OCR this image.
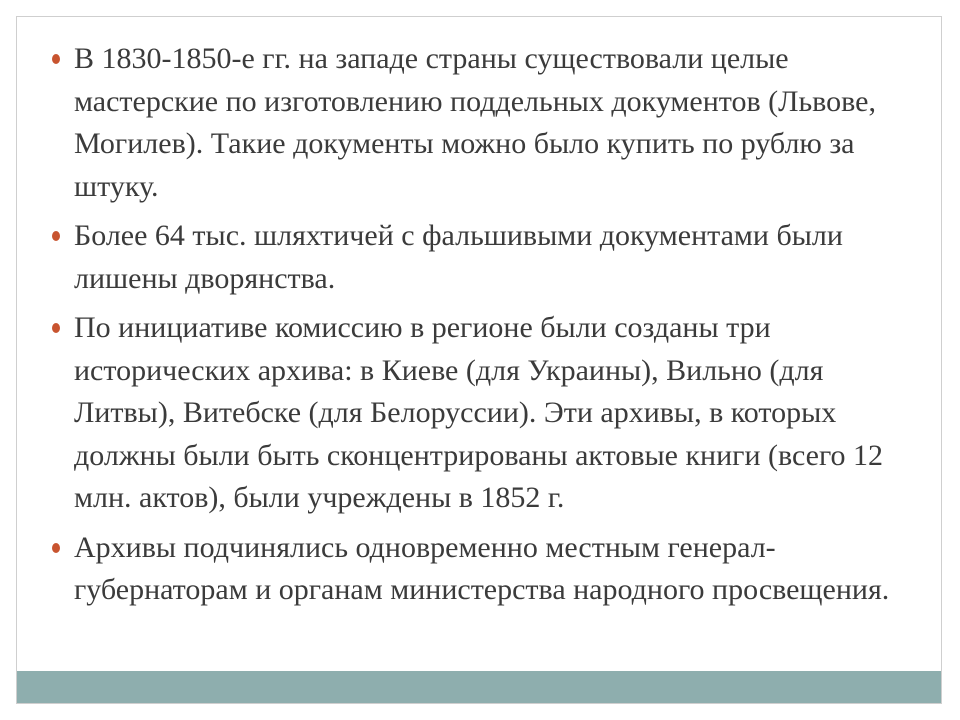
В 1830-1850-е гг. на западе страны существовали целые мастерские по изготовлению поддельных документов (Львове, Могилев). Такие документы можно было купить по рублю за штуку.
Более 64 тыс. шляхтичей с фальшивыми документами были лишены дворянства.
По инициативе комиссию в регионе были созданы три исторических архива: в Киеве (для Украины), Вильно (для Литвы), Витебске (для Белоруссии). Эти архивы, в которых должны были быть сконцентрированы актовые книги (всего 12 млн. актов), были учреждены в 1852 г.
Архивы подчинялись одновременно местным генерал-губернаторам и органам министерства народного просвещения.
